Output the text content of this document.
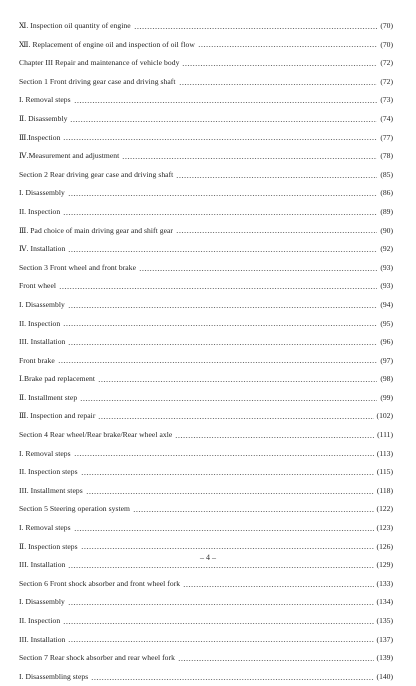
Ⅺ. Inspection oil quantity of engine	(70)
Ⅻ. Replacement of engine oil and inspection of oil flow	(70)
Chapter III Repair and maintenance of vehicle body	(72)
Section 1 Front driving gear case and driving shaft	(72)
I. Removal steps	(73)
Ⅱ. Disassembly	(74)
Ⅲ.Inspection	(77)
Ⅳ.Measurement and adjustment	(78)
Section 2 Rear driving gear case and driving shaft	(85)
I. Disassembly	(86)
II. Inspection	(89)
Ⅲ. Pad choice of main driving gear and shift gear	(90)
Ⅳ. Installation	(92)
Section 3 Front wheel and front brake	(93)
Front wheel	(93)
I. Disassembly	(94)
II. Inspection	(95)
III. Installation	(96)
Front brake	(97)
Ⅰ.Brake pad replacement	(98)
Ⅱ. Installment step	(99)
Ⅲ. Inspection and repair	(102)
Section 4 Rear wheel/Rear brake/Rear wheel axle	(111)
I. Removal steps	(113)
II. Inspection steps	(115)
III. Installment steps	(118)
Section 5 Steering operation system	(122)
I. Removal steps	(123)
Ⅱ. Inspection steps	(126)
III. Installation	(129)
Section 6 Front shock absorber and front wheel fork	(133)
I. Disassembly	(134)
II. Inspection	(135)
III. Installation	(137)
Section 7 Rear shock absorber and rear wheel fork	(139)
I. Disassembling steps	(140)
– 4 –
